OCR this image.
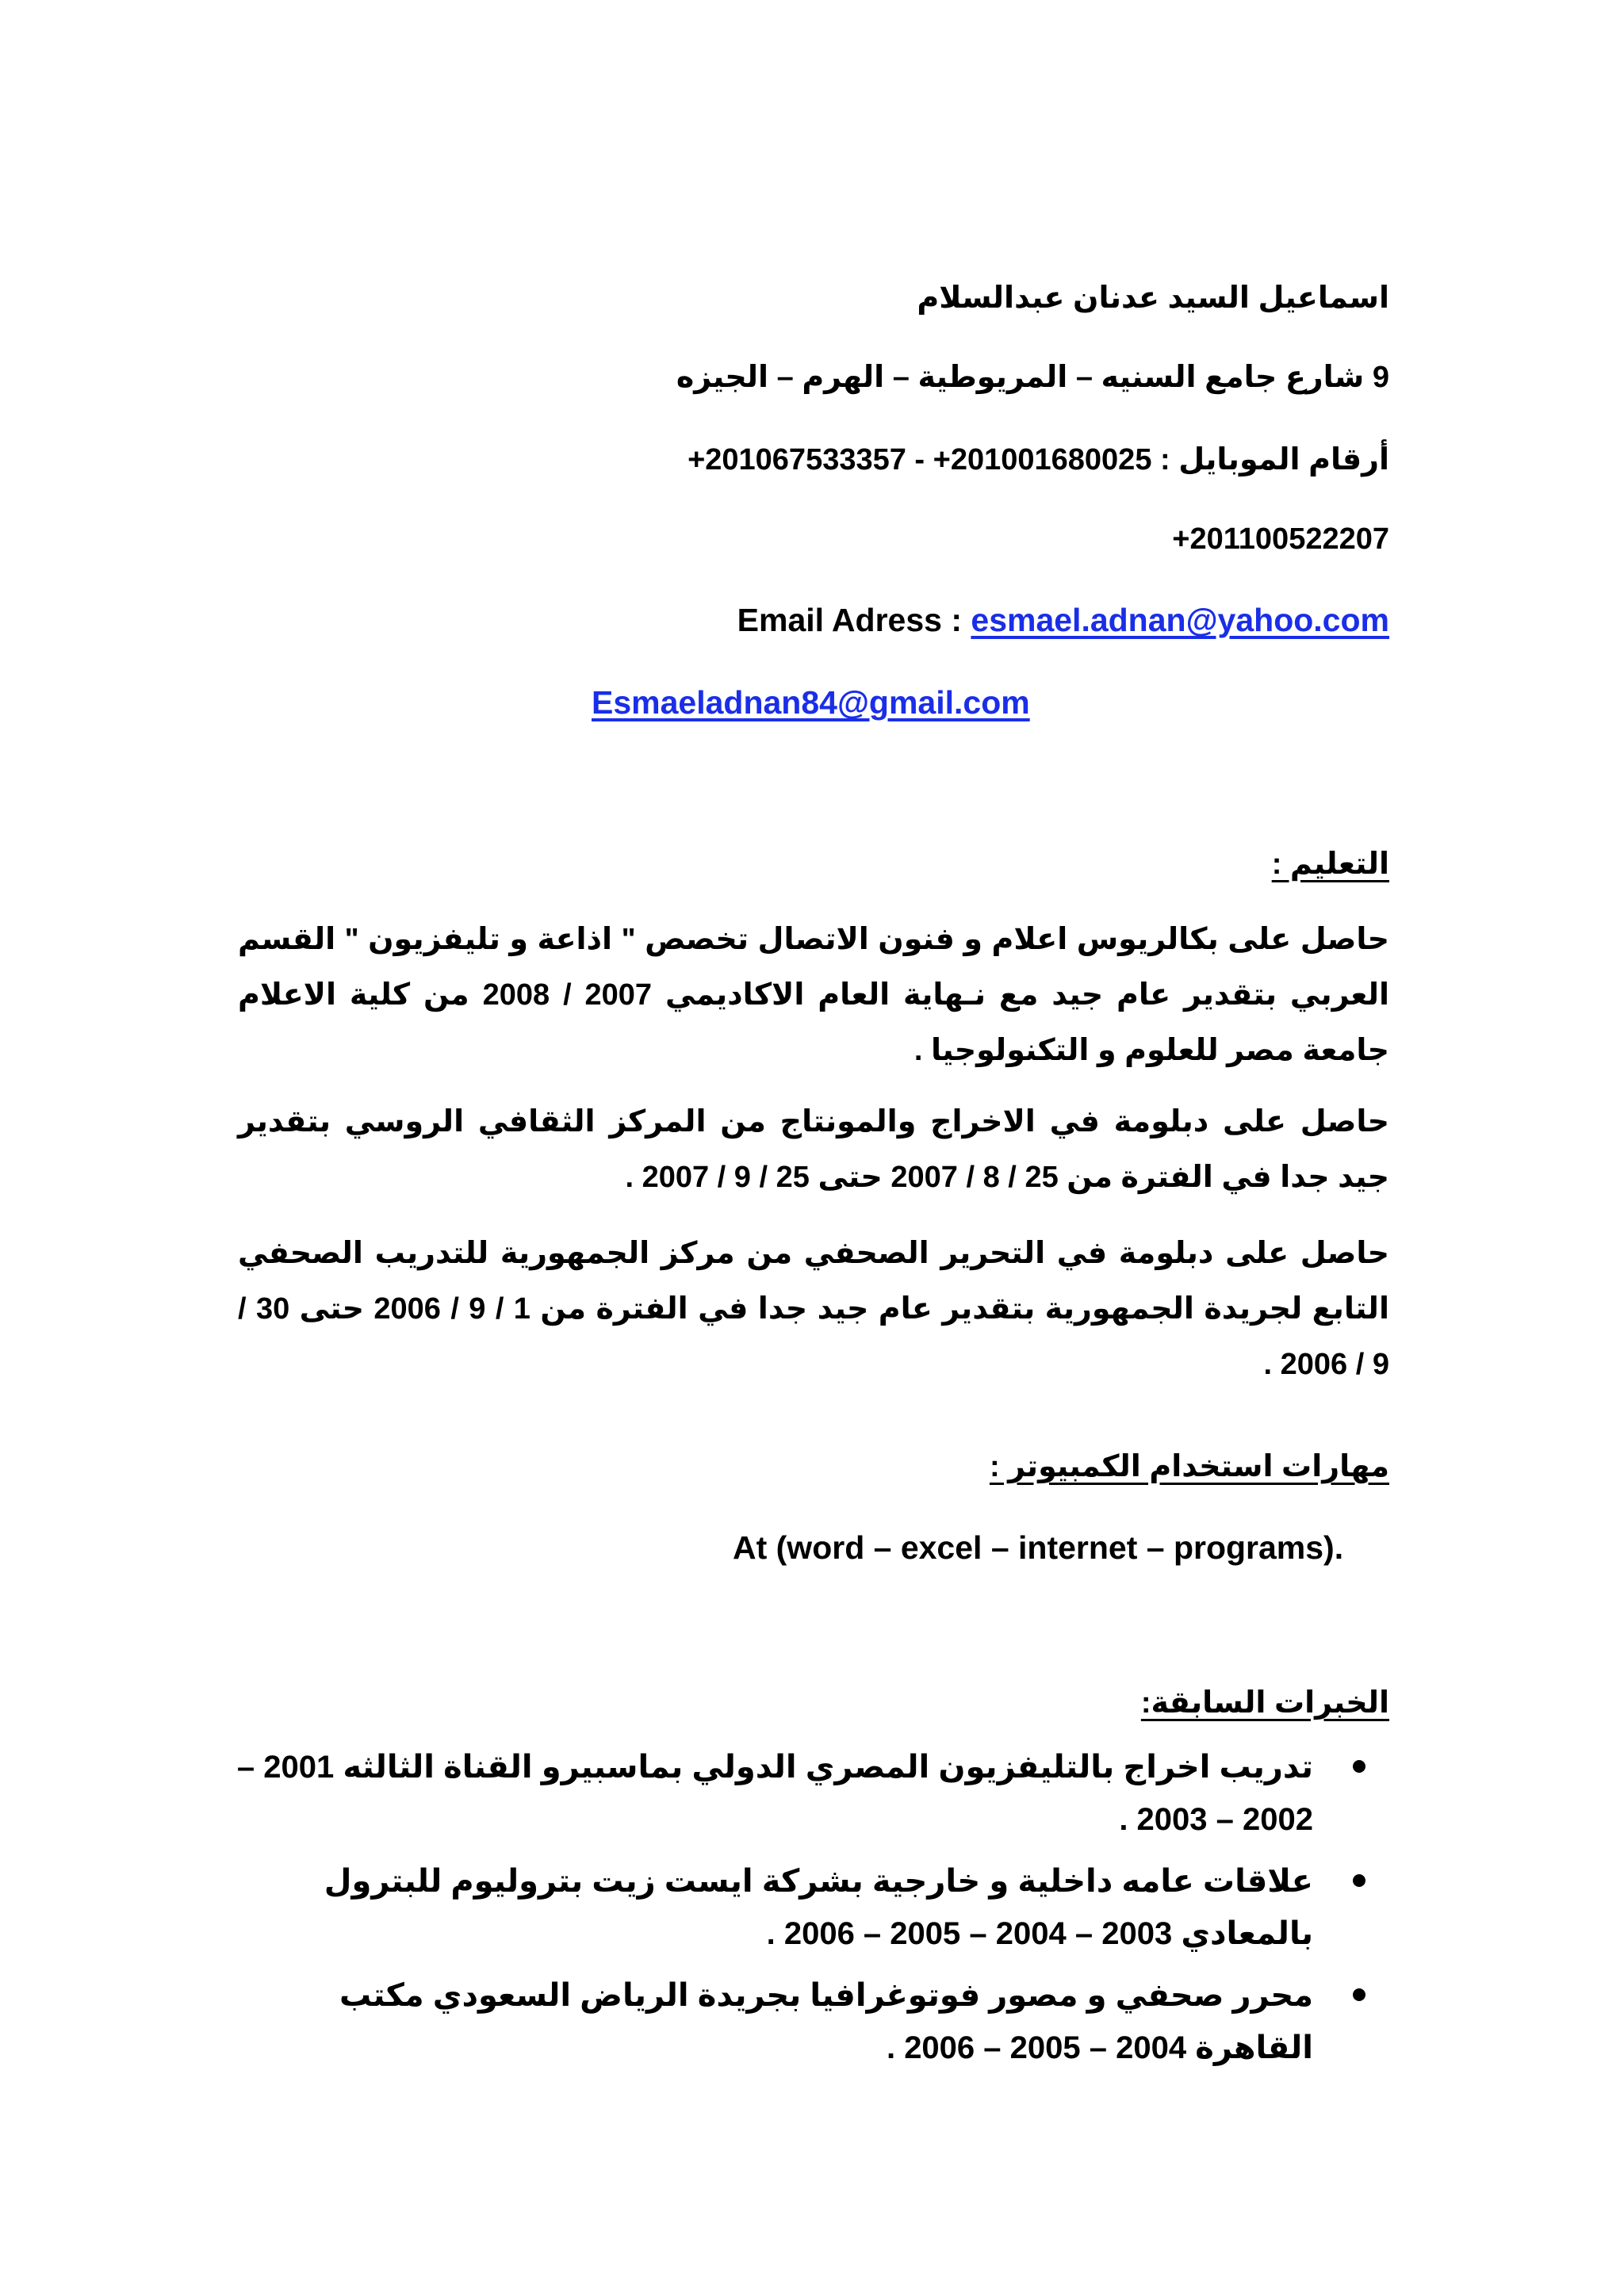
اسماعيل السيد عدنان عبدالسلام
9 شارع جامع السنيه – المريوطية – الهرم – الجيزه
أرقام الموبايل : 201001680025+ - 201067533357+
+201100522207
Email Adress : esmael.adnan@yahoo.com
Esmaeladnan84@gmail.com
التعليم :
حاصل على بكالريوس اعلام و فنون الاتصال تخصص " اذاعة و تليفزيون " القسم العربي بتقدير عام جيد مع نـهاية العام الاكاديمي 2007 / 2008 من كلية الاعلام جامعة مصر للعلوم و التكنولوجيا .
حاصل على دبلومة في الاخراج والمونتاج من المركز الثقافي الروسي بتقدير جيد جدا في الفترة من 25 / 8 / 2007 حتى 25 / 9 / 2007 .
حاصل على دبلومة في التحرير الصحفي من مركز الجمهورية للتدريب الصحفي التابع لجريدة الجمهورية بتقدير عام جيد جدا في الفترة من 1 / 9 / 2006 حتى 30 / 9 / 2006 .
مهارات استخدام الكمبيوتر :
At (word – excel – internet – programs).
الخبرات السابقة:
تدريب اخراج بالتليفزيون المصري الدولي بماسبيرو القناة الثالثه 2001 – 2002 – 2003 .
علاقات عامه داخلية و خارجية بشركة ايست زيت بتروليوم للبترول بالمعادي 2003 – 2004 – 2005 – 2006 .
محرر صحفي و مصور فوتوغرافيا بجريدة الرياض السعودي مكتب القاهرة 2004 – 2005 – 2006 .
